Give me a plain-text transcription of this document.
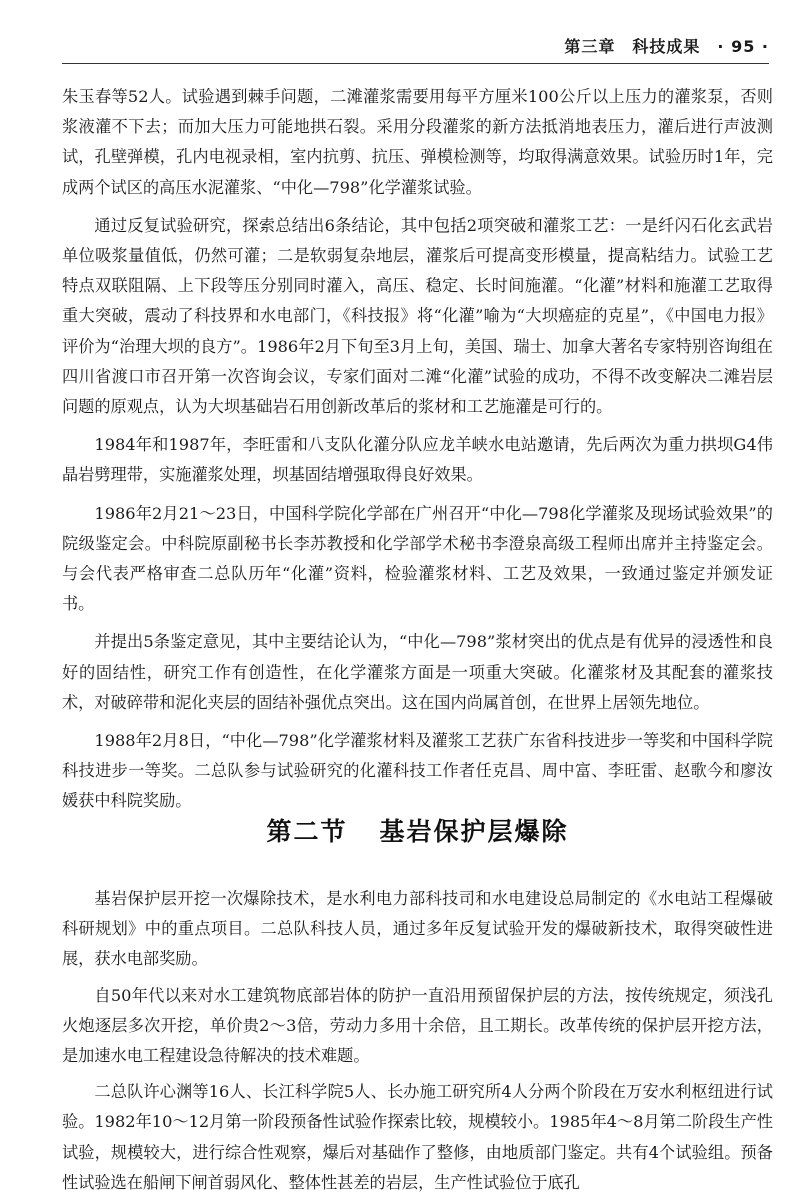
第三章　科技成果　· 95 ·

朱玉春等52人。试验遇到棘手问题，二滩灌浆需要用每平方厘米100公斤以上压力的灌浆泵，否则浆液灌不下去；而加大压力可能地拱石裂。采用分段灌浆的新方法抵消地表压力，灌后进行声波测试，孔壁弹模，孔内电视录相，室内抗剪、抗压、弹模检测等，均取得满意效果。试验历时1年，完成两个试区的高压水泥灌浆、“中化—798”化学灌浆试验。

通过反复试验研究，探索总结出6条结论，其中包括2项突破和灌浆工艺：一是纤闪石化玄武岩单位吸浆量值低，仍然可灌；二是软弱复杂地层，灌浆后可提高变形模量，提高粘结力。试验工艺特点双联阻隔、上下段等压分别同时灌入，高压、稳定、长时间施灌。“化灌”材料和施灌工艺取得重大突破，震动了科技界和水电部门，《科技报》将“化灌”喻为“大坝癌症的克星”，《中国电力报》评价为“治理大坝的良方”。1986年2月下旬至3月上旬，美国、瑞士、加拿大著名专家特别咨询组在四川省渡口市召开第一次咨询会议，专家们面对二滩“化灌”试验的成功，不得不改变解决二滩岩层问题的原观点，认为大坝基础岩石用创新改革后的浆材和工艺施灌是可行的。

1984年和1987年，李旺雷和八支队化灌分队应龙羊峡水电站邀请，先后两次为重力拱坝G4伟晶岩劈理带，实施灌浆处理，坝基固结增强取得良好效果。

1986年2月21～23日，中国科学院化学部在广州召开“中化—798化学灌浆及现场试验效果”的院级鉴定会。中科院原副秘书长李苏教授和化学部学术秘书李澄泉高级工程师出席并主持鉴定会。与会代表严格审查二总队历年“化灌”资料，检验灌浆材料、工艺及效果，一致通过鉴定并颁发证书。

并提出5条鉴定意见，其中主要结论认为，“中化—798”浆材突出的优点是有优异的浸透性和良好的固结性，研究工作有创造性，在化学灌浆方面是一项重大突破。化灌浆材及其配套的灌浆技术，对破碎带和泥化夹层的固结补强优点突出。这在国内尚属首创，在世界上居领先地位。

1988年2月8日，“中化—798”化学灌浆材料及灌浆工艺获广东省科技进步一等奖和中国科学院科技进步一等奖。二总队参与试验研究的化灌科技工作者任克昌、周中富、李旺雷、赵歌今和廖汝媛获中科院奖励。

第二节 基岩保护层爆除

基岩保护层开挖一次爆除技术，是水利电力部科技司和水电建设总局制定的《水电站工程爆破科研规划》中的重点项目。二总队科技人员，通过多年反复试验开发的爆破新技术，取得突破性进展，获水电部奖励。

自50年代以来对水工建筑物底部岩体的防护一直沿用预留保护层的方法，按传统规定，须浅孔火炮逐层多次开挖，单价贵2～3倍，劳动力多用十余倍，且工期长。改革传统的保护层开挖方法，是加速水电工程建设急待解决的技术难题。

二总队许心渊等16人、长江科学院5人、长办施工研究所4人分两个阶段在万安水利枢纽进行试验。1982年10～12月第一阶段预备性试验作探索比较，规模较小。1985年4～8月第二阶段生产性试验，规模较大，进行综合性观察，爆后对基础作了整修，由地质部门鉴定。共有4个试验组。预备性试验选在船闸下闸首弱风化、整体性甚差的岩层，生产性试验位于底孔
